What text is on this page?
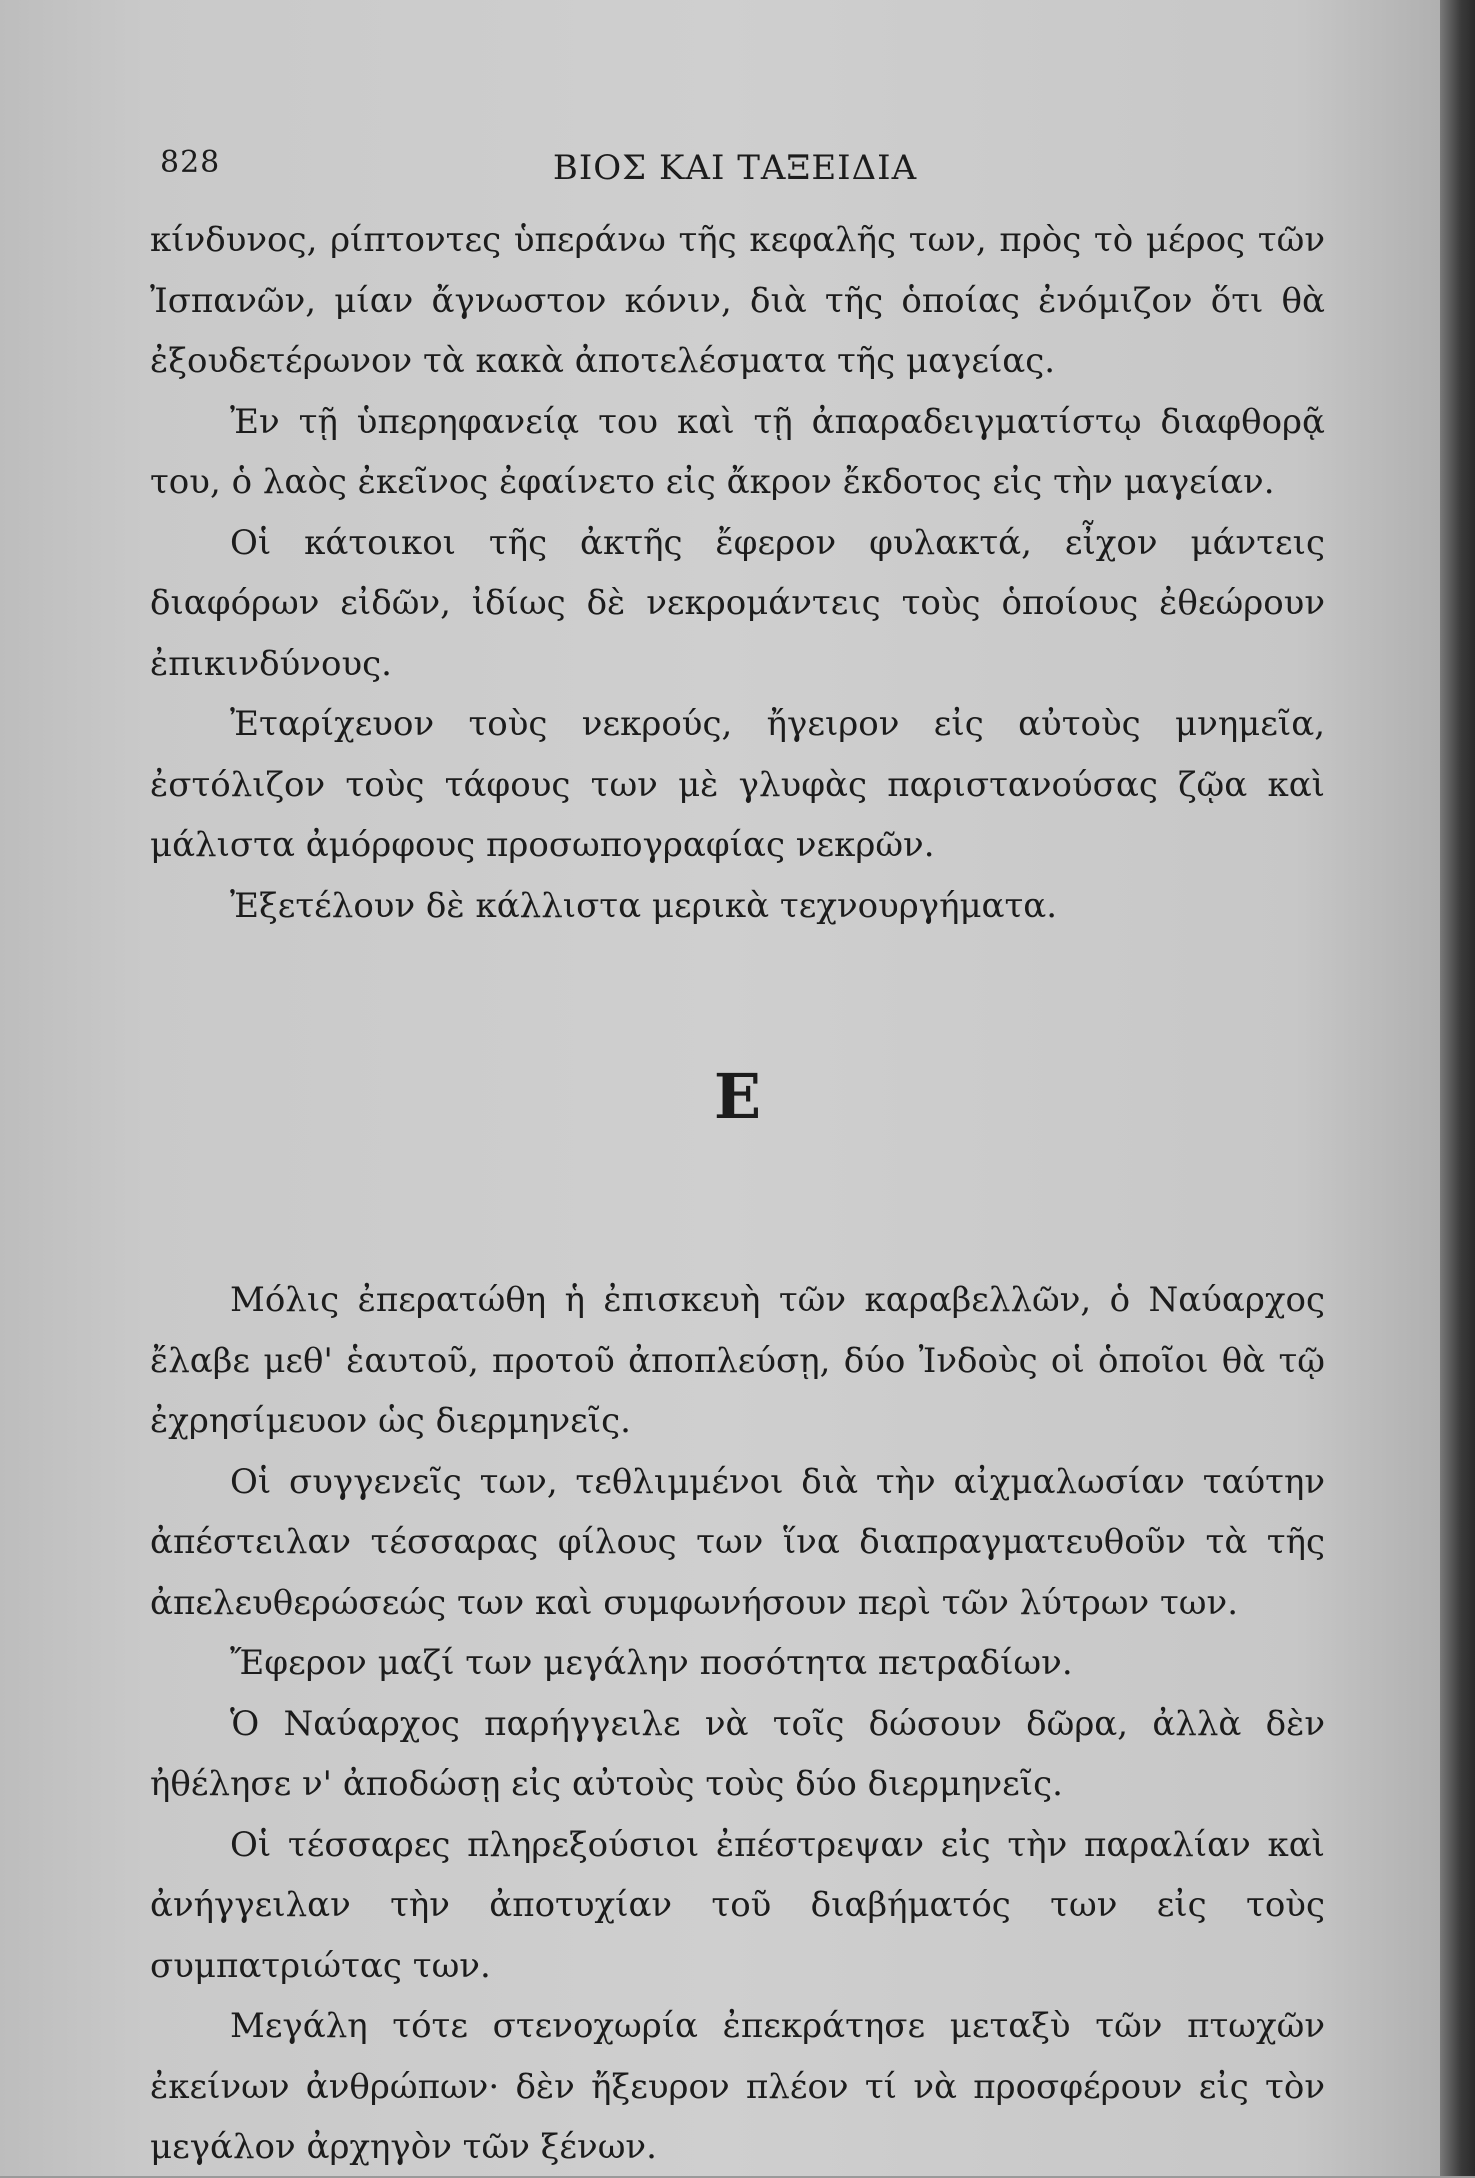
828	ΒΙΟΣ ΚΑΙ ΤΑΞΕΙΔΙΑ

κίνδυνος, ρίπτοντες ὑπεράνω τῆς κεφαλῆς των, πρὸς τὸ μέρος τῶν Ἰσπανῶν, μίαν ἄγνωστον κόνιν, διὰ τῆς ὁποίας ἐνόμιζον ὅτι θὰ ἐξουδετέρωνον τὰ κακὰ ἀποτελέσματα τῆς μαγείας.

Ἐν τῇ ὑπερηφανείᾳ του καὶ τῇ ἀπαραδειγματίστῳ διαφθορᾷ του, ὁ λαὸς ἐκεῖνος ἐφαίνετο εἰς ἄκρον ἔκδοτος εἰς τὴν μαγείαν.

Οἱ κάτοικοι τῆς ἀκτῆς ἔφερον φυλακτά, εἶχον μάντεις διαφόρων εἰδῶν, ἰδίως δὲ νεκρομάντεις τοὺς ὁποίους ἐθεώρουν ἐπικινδύνους.

Ἐταρίχευον τοὺς νεκρούς, ἤγειρον εἰς αὐτοὺς μνημεῖα, ἐστόλιζον τοὺς τάφους των μὲ γλυφὰς παριστανούσας ζῷα καὶ μάλιστα ἀμόρφους προσωπογραφίας νεκρῶν.

Ἐξετέλουν δὲ κάλλιστα μερικὰ τεχνουργήματα.

E

Μόλις ἐπερατώθη ἡ ἐπισκευὴ τῶν καραβελλῶν, ὁ Ναύαρχος ἔλαβε μεθ' ἑαυτοῦ, προτοῦ ἀποπλεύσῃ, δύο Ἰνδοὺς οἱ ὁποῖοι θὰ τῷ ἐχρησίμευον ὡς διερμηνεῖς.

Οἱ συγγενεῖς των, τεθλιμμένοι διὰ τὴν αἰχμαλωσίαν ταύτην ἀπέστειλαν τέσσαρας φίλους των ἵνα διαπραγματευθοῦν τὰ τῆς ἀπελευθερώσεώς των καὶ συμφωνήσουν περὶ τῶν λύτρων των.

Ἔφερον μαζί των μεγάλην ποσότητα πετραδίων.

Ὁ Ναύαρχος παρήγγειλε νὰ τοῖς δώσουν δῶρα, ἀλλὰ δὲν ἠθέλησε ν' ἀποδώσῃ εἰς αὐτοὺς τοὺς δύο διερμηνεῖς.

Οἱ τέσσαρες πληρεξούσιοι ἐπέστρεψαν εἰς τὴν παραλίαν καὶ ἀνήγγειλαν τὴν ἀποτυχίαν τοῦ διαβήματός των εἰς τοὺς συμπατριώτας των.

Μεγάλη τότε στενοχωρία ἐπεκράτησε μεταξὺ τῶν πτωχῶν ἐκείνων ἀνθρώπων· δὲν ἤξευρον πλέον τί νὰ προσφέρουν εἰς τὸν μεγάλον ἀρχηγὸν τῶν ξένων.
